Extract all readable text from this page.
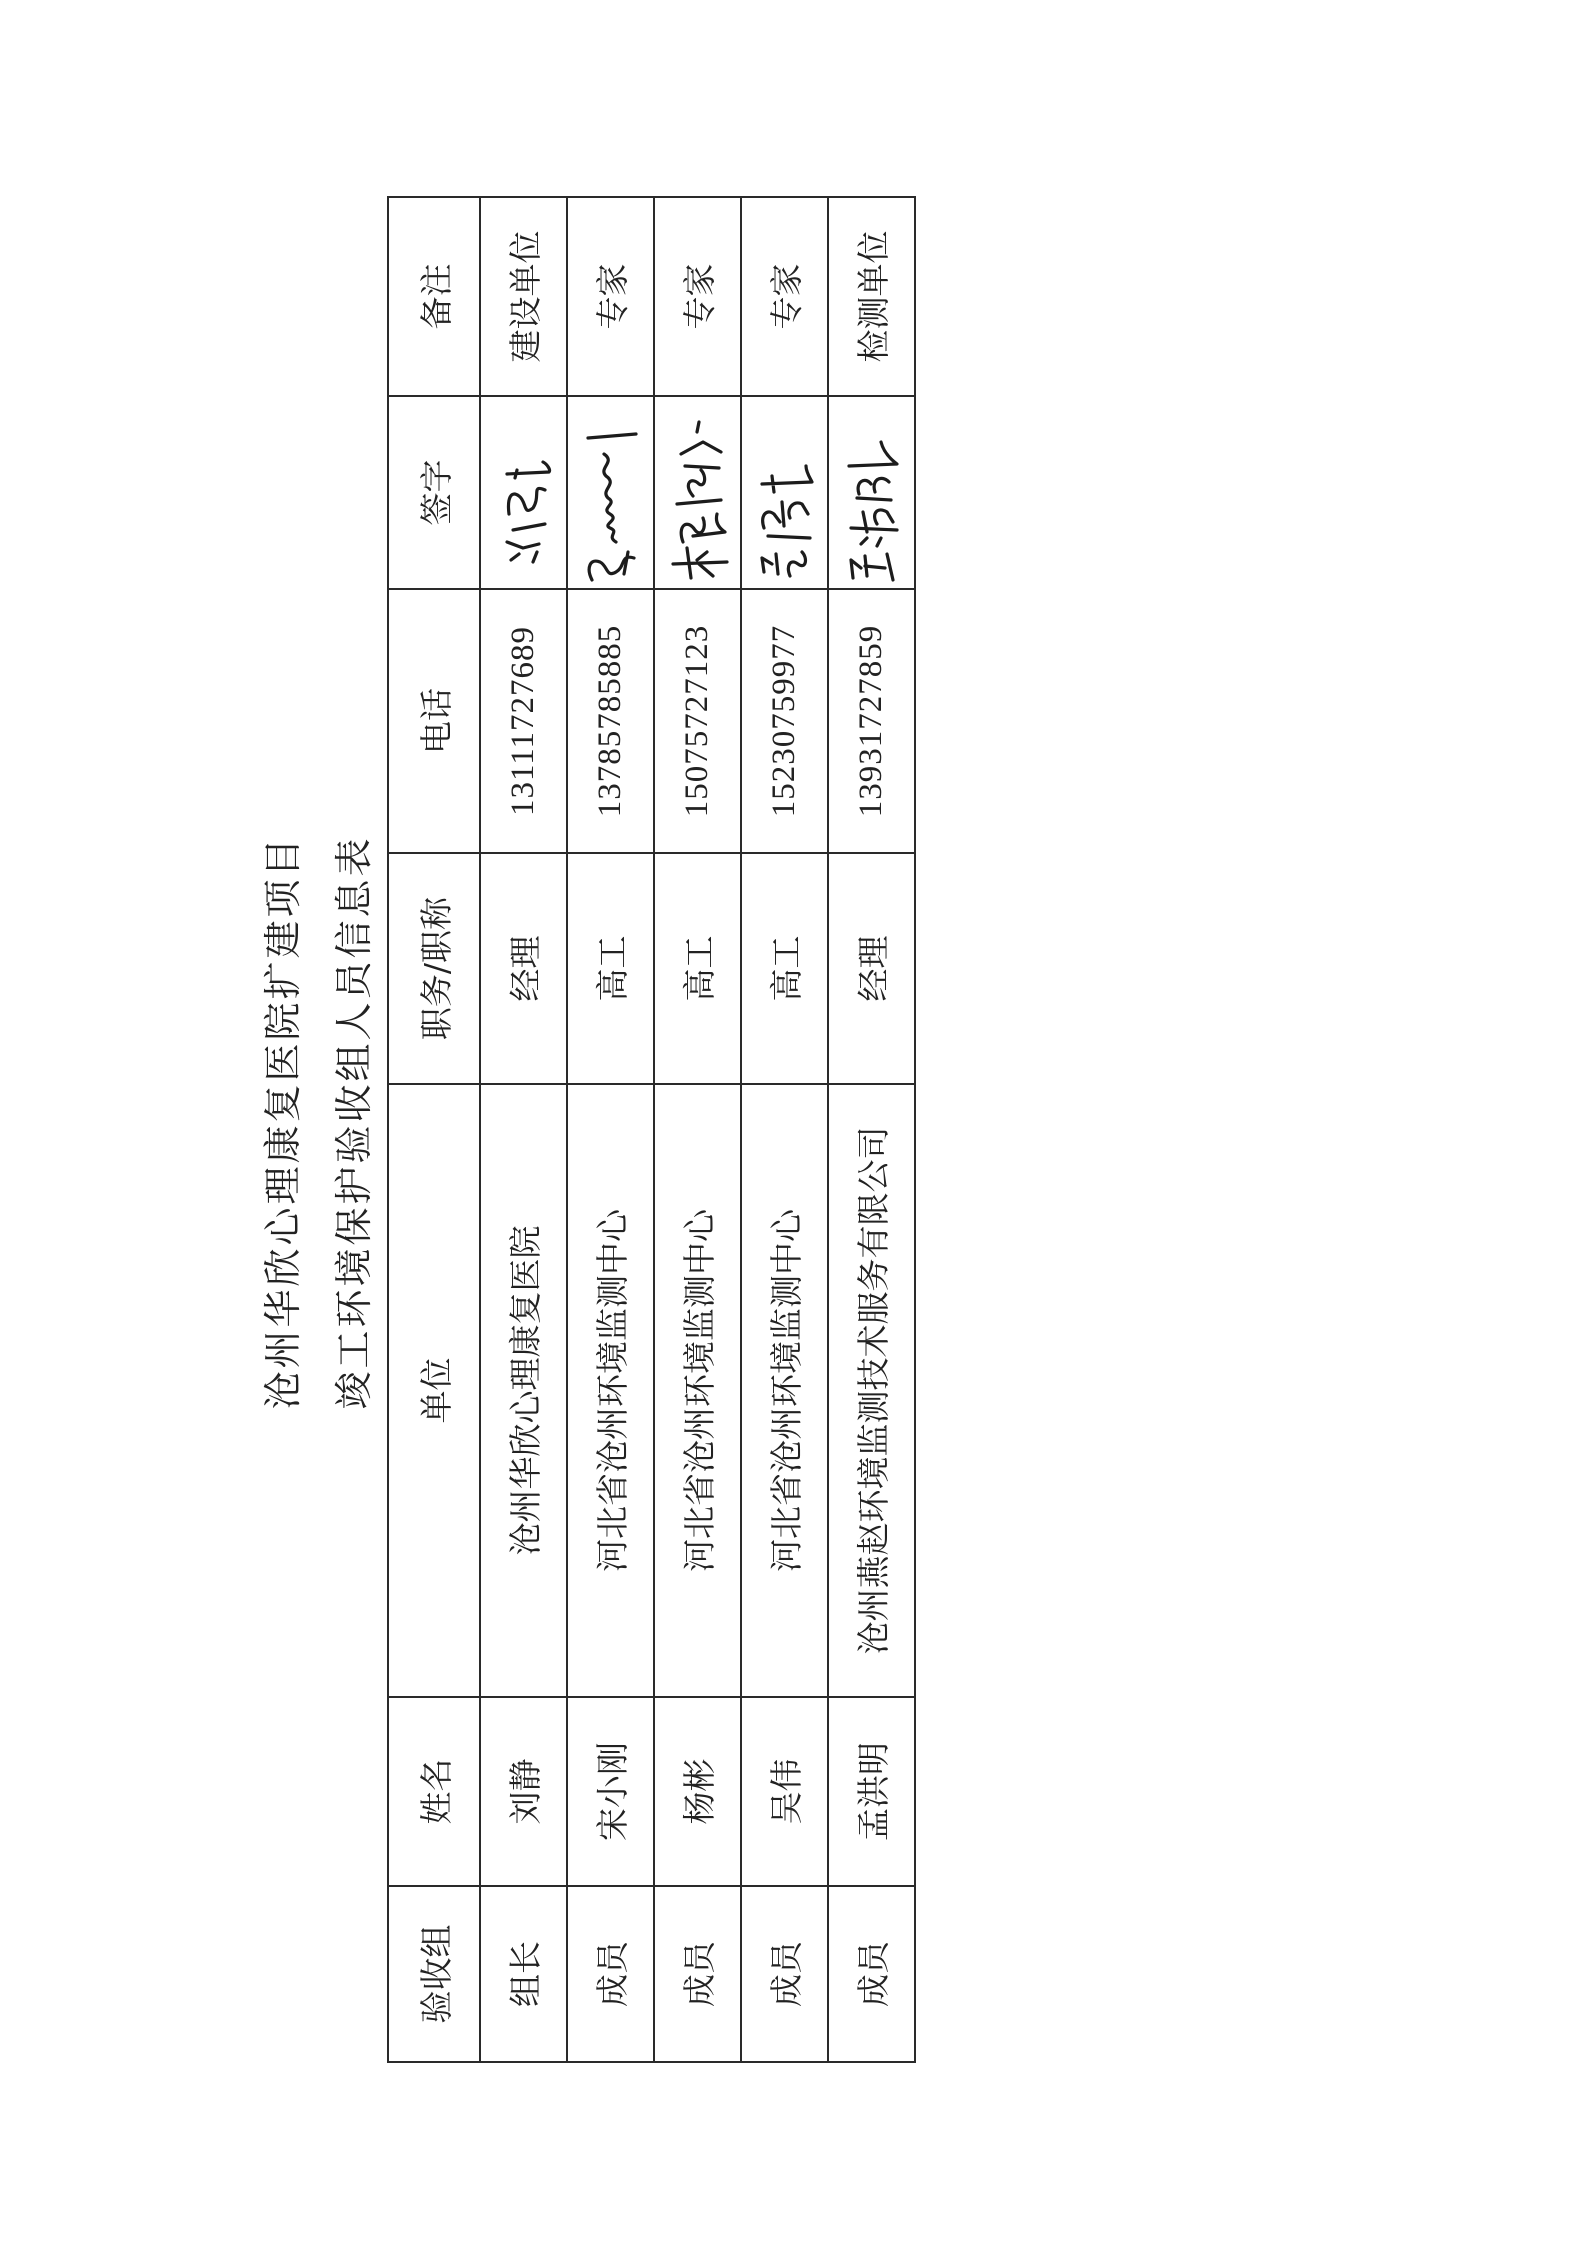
沧州华欣心理康复医院扩建项目 竣工环境保护验收组人员信息表
验收组	姓名	单位	职务/职称	电话	签字	备注
组长	刘静	沧州华欣心理康复医院	经理	13111727689		建设单位
成员	宋小刚	河北省沧州环境监测中心	高工	13785785885		专家
成员	杨彬	河北省沧州环境监测中心	高工	15075727123		专家
成员	吴伟	河北省沧州环境监测中心	高工	15230759977		专家
成员	孟洪明	沧州燕赵环境监测技术服务有限公司	经理	13931727859		检测单位
